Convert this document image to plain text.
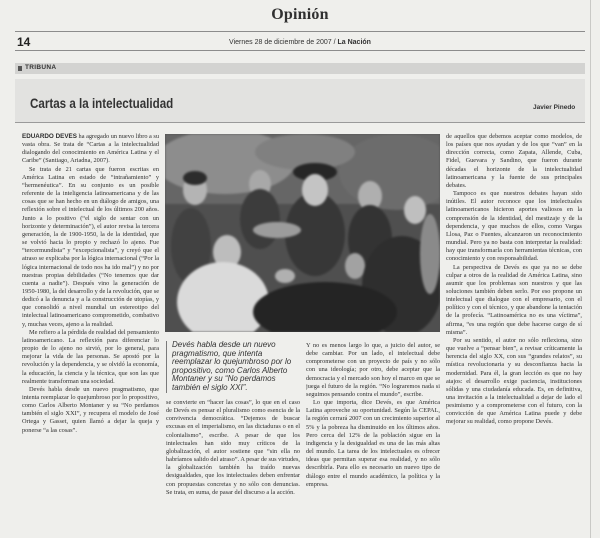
Opinión
14	Viernes 28 de diciembre de 2007 / La Nación
TRIBUNA
Cartas a la intelectualidad	Javier Pinedo

EDUARDO DEVÉS ha agregado un nuevo libro a su vasta obra. Se trata de “Cartas a la intelectualidad dialogando del conocimiento en América Latina y el Caribe” (Santiago, Ariadna, 2007).

Se trata de 21 cartas que fueron escritas en América Latina en estado de “intrañamiento” y “hermenéutica”. En su conjunto es un posible referente de la inteligencia latinoamericana y de las cosas que se han hecho en un diálogo de amigos, una reflexión sobre el intelectual de los últimos 200 años. Junto a lo positivo (“el siglo de sentar con un horizonte y determinación”), el autor revisa la tercera generación, la de 1900-1950, la de la identidad, que se volvió hacia lo propio y rechazó lo ajeno. Fue “tercermundista” y “excepcionalista”, y creyó que el atraso se explicaba por la lógica internacional (“Por la lógica internacional de todo nos ha ido mal”) y no por nuestras propias debilidades (“No tenemos que dar cuenta a nadie”). Después vino la generación de 1950-1980, la del desarrollo y de la revolución, que se dedicó a la denuncia y a la construcción de utopías, y que consolidó a nivel mundial un estereotipo del intelectual latinoamericano comprometido, combativo y, muchas veces, ajeno a la realidad.

Me refiero a la pérdida de realidad del pensamiento latinoamericano. La reflexión para diferenciar lo propio de lo ajeno no sirvió, por lo general, para mejorar la vida de las personas. Se apostó por la revolución y la dependencia, y se olvidó la economía, la educación, la ciencia y la técnica, que son las que realmente transforman una sociedad.

Devés habla desde un nuevo pragmatismo, que intenta reemplazar lo quejumbroso por lo propositivo, como Carlos Alberto Montaner y su “No perdamos también el siglo XXI”, y recupera el modelo de José Ortega y Gasset, quien llamó a dejar la queja y ponerse “a las cosas”.

Devés habla desde un nuevo pragmatismo, que intenta reemplazar lo quejumbroso por lo propositivo, como Carlos Alberto Montaner y su “No perdamos también el siglo XXI”.

se convierte en “hacer las cosas”, lo que en el caso de Devés es pensar el pluralismo como esencia de la convivencia democrática. “Dejemos de buscar excusas en el imperialismo, en las dictaduras o en el colonialismo”, escribe. A pesar de que los intelectuales han sido muy críticos de la globalización, el autor sostiene que “sin ella no habríamos salido del atraso”. A pesar de sus virtudes, la globalización también ha traído nuevas desigualdades, que los intelectuales deben enfrentar con propuestas concretas y no sólo con denuncias. Se trata, en suma, de pasar del discurso a la acción.

Y no es menos largo lo que, a juicio del autor, se debe cambiar. Por un lado, el intelectual debe comprometerse con un proyecto de país y no sólo con una ideología; por otro, debe aceptar que la democracia y el mercado son hoy el marco en que se juega el futuro de la región. “No lograremos nada si seguimos pensando contra el mundo”, escribe.

Lo que importa, dice Devés, es que América Latina aproveche su oportunidad. Según la CEPAL, la región cerrará 2007 con un crecimiento superior al 5% y la pobreza ha disminuido en los últimos años. Pero cerca del 12% de la población sigue en la indigencia y la desigualdad es una de las más altas del mundo. La tarea de los intelectuales es ofrecer ideas que permitan superar esa realidad, y no sólo describirla. Para ello es necesario un nuevo tipo de diálogo entre el mundo académico, la política y la empresa.

de aquellos que debemos aceptar como modelos, de los países que nos ayudan y de los que “van” en la dirección correcta, como Zapata, Allende, Cuba, Fidel, Guevara y Sandino, que fueron durante décadas el horizonte de la intelectualidad latinoamericana y la fuente de sus principales debates.

Tampoco es que nuestros debates hayan sido inútiles. El autor reconoce que los intelectuales latinoamericanos hicieron aportes valiosos en la comprensión de la identidad, del mestizaje y de la dependencia, y que muchos de ellos, como Vargas Llosa, Paz o Fuentes, alcanzaron un reconocimiento mundial. Pero ya no basta con interpretar la realidad: hay que transformarla con herramientas técnicas, con conocimiento y con responsabilidad.

La perspectiva de Devés es que ya no se debe culpar a otros de la realidad de América Latina, sino asumir que los problemas son nuestros y que las soluciones también deben serlo. Por eso propone un intelectual que dialogue con el empresario, con el político y con el técnico, y que abandone la tentación de la profecía. “Latinoamérica no es una víctima”, afirma, “es una región que debe hacerse cargo de sí misma”.

Por su sentido, el autor no sólo reflexiona, sino que vuelve a “pensar bien”, a revisar críticamente la herencia del siglo XX, con sus “grandes relatos”, su mística revolucionaria y su desconfianza hacia la modernidad. Para él, la gran lección es que no hay atajos: el desarrollo exige paciencia, instituciones sólidas y una ciudadanía educada. Es, en definitiva, una invitación a la intelectualidad a dejar de lado el pesimismo y a comprometerse con el futuro, con la convicción de que América Latina puede y debe mejorar su realidad, como propone Devés.
